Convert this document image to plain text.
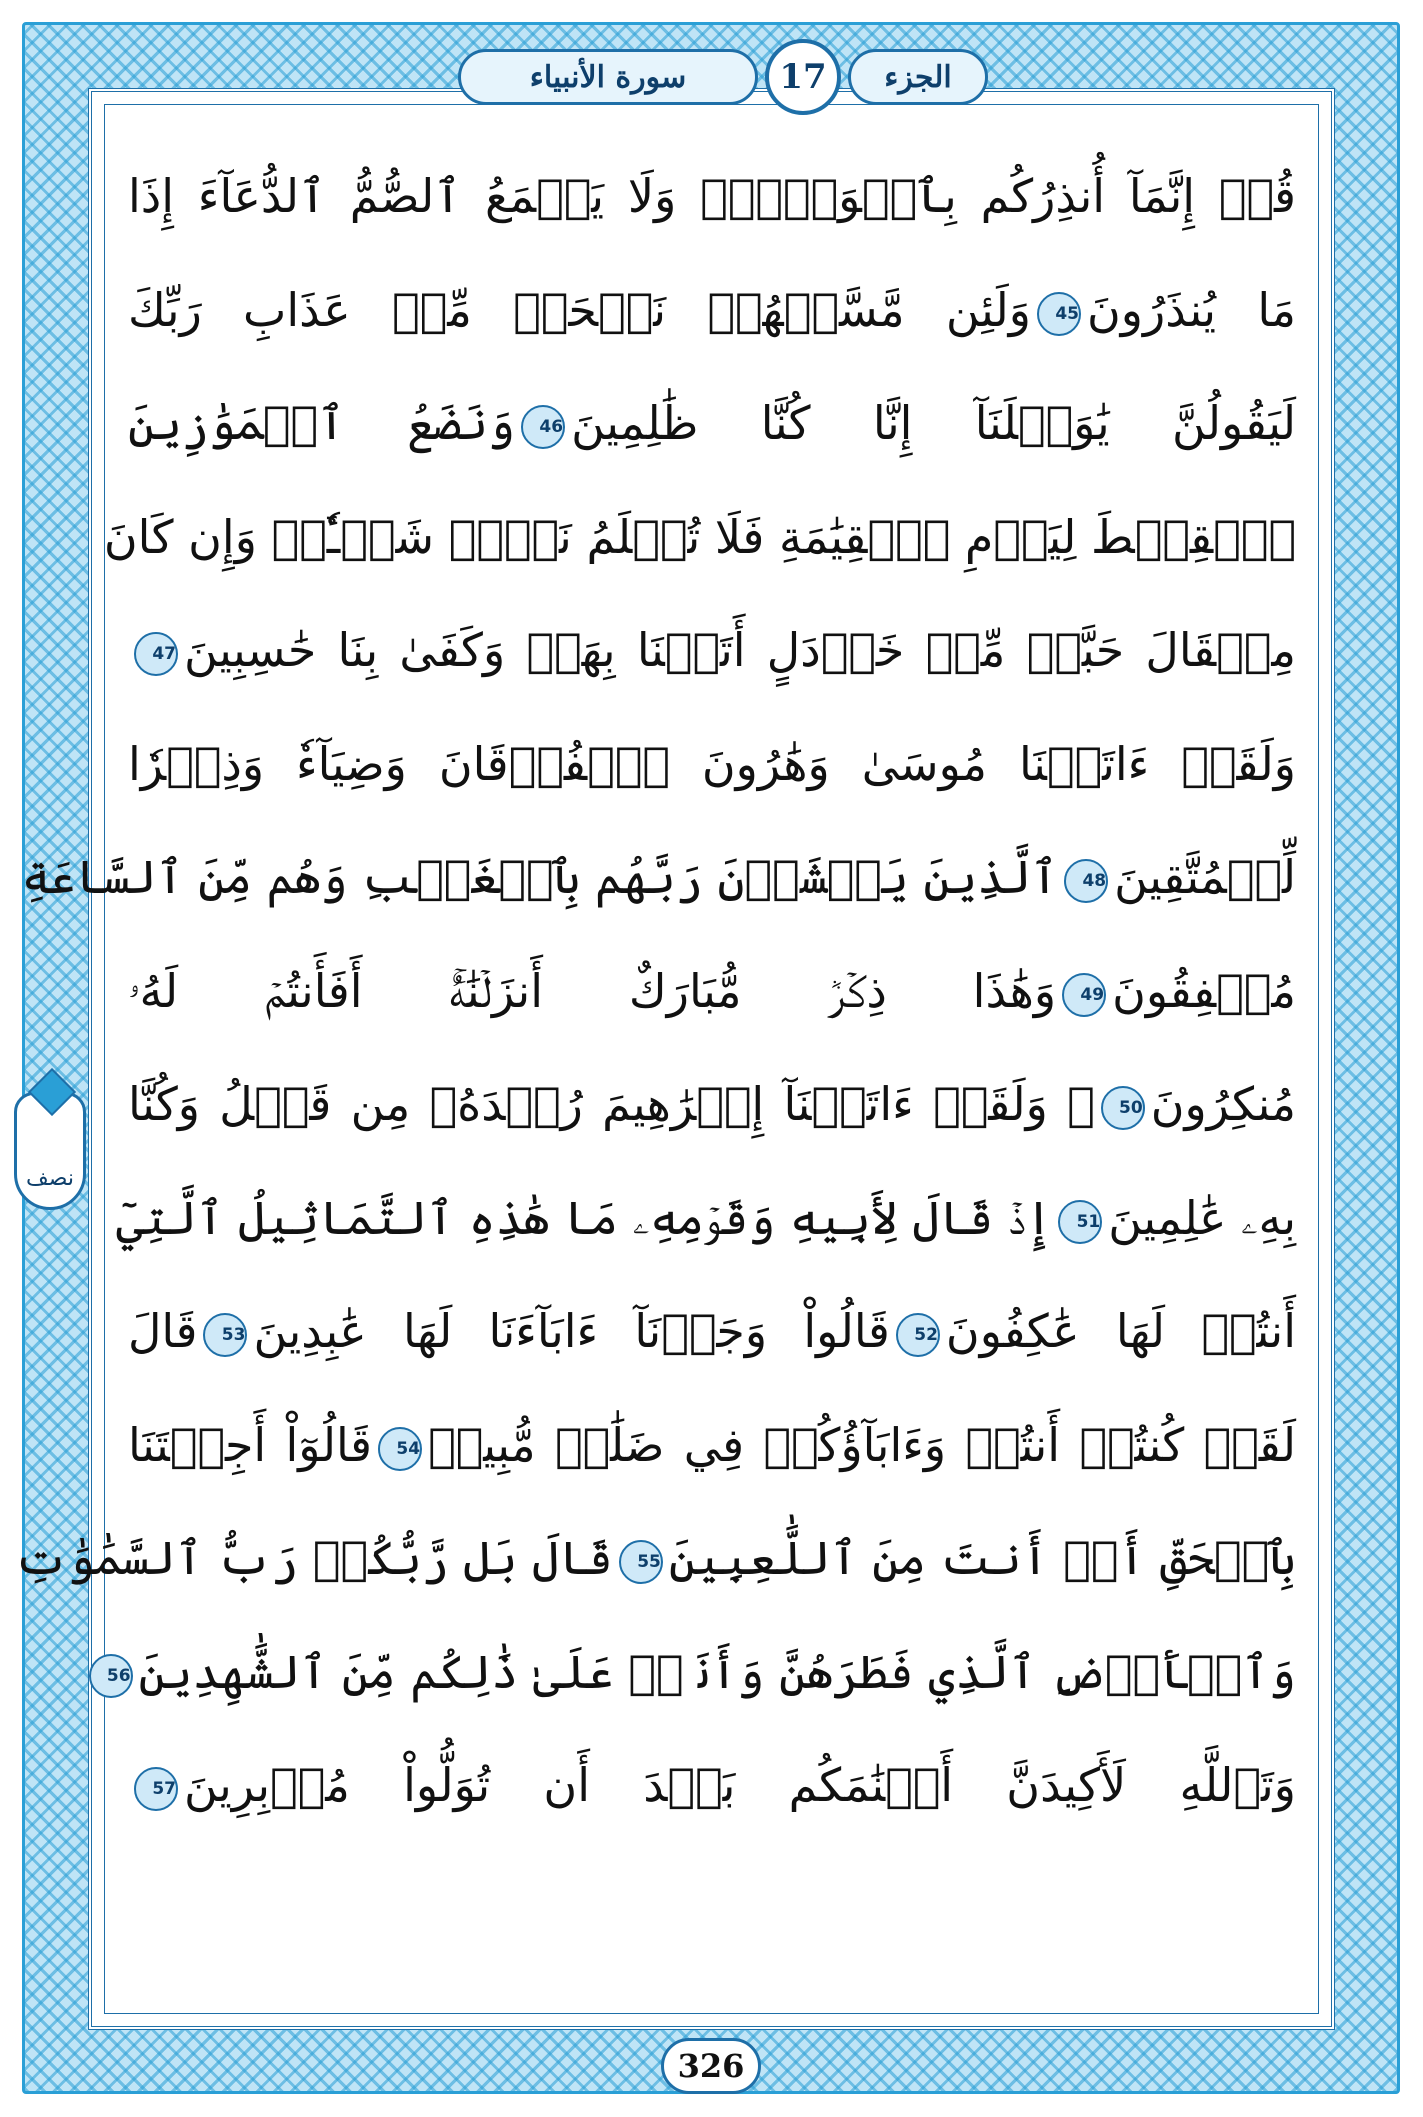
سورة الأنبياء	17	الجزء
قُلۡ إِنَّمَآ أُنذِرُكُم بِٱلۡوَحۡيِۚ وَلَا يَسۡمَعُ ٱلصُّمُّ ٱلدُّعَآءَ إِذَا
مَا يُنذَرُونَ45وَلَئِن مَّسَّتۡهُمۡ نَفۡحَةٞ مِّنۡ عَذَابِ رَبِّكَ
لَيَقُولُنَّ يَٰوَيۡلَنَآ إِنَّا كُنَّا ظَٰلِمِينَ46وَنَضَعُ ٱلۡمَوَٰزِينَ
ٱلۡقِسۡطَ لِيَوۡمِ ٱلۡقِيَٰمَةِ فَلَا تُظۡلَمُ نَفۡسٞ شَيۡـٔٗاۖ وَإِن كَانَ
مِثۡقَالَ حَبَّةٖ مِّنۡ خَرۡدَلٍ أَتَيۡنَا بِهَاۗ وَكَفَىٰ بِنَا حَٰسِبِينَ47
وَلَقَدۡ ءَاتَيۡنَا مُوسَىٰ وَهَٰرُونَ ٱلۡفُرۡقَانَ وَضِيَآءٗ وَذِكۡرٗا
لِّلۡمُتَّقِينَ48ٱلَّذِينَ يَخۡشَوۡنَ رَبَّهُم بِٱلۡغَيۡبِ وَهُم مِّنَ ٱلسَّاعَةِ
مُشۡفِقُونَ49وَهَٰذَا ذِكۡرٞ مُّبَارَكٌ أَنزَلۡنَٰهُۚ أَفَأَنتُمۡ لَهُۥ
مُنكِرُونَ50۞ وَلَقَدۡ ءَاتَيۡنَآ إِبۡرَٰهِيمَ رُشۡدَهُۥ مِن قَبۡلُ وَكُنَّا
بِهِۦ عَٰلِمِينَ51إِذۡ قَالَ لِأَبِيهِ وَقَوۡمِهِۦ مَا هَٰذِهِ ٱلتَّمَاثِيلُ ٱلَّتِيٓ
أَنتُمۡ لَهَا عَٰكِفُونَ52قَالُواْ وَجَدۡنَآ ءَابَآءَنَا لَهَا عَٰبِدِينَ53قَالَ
لَقَدۡ كُنتُمۡ أَنتُمۡ وَءَابَآؤُكُمۡ فِي ضَلَٰلٖ مُّبِينٖ54قَالُوٓاْ أَجِئۡتَنَا
بِٱلۡحَقِّ أَمۡ أَنتَ مِنَ ٱللَّٰعِبِينَ55قَالَ بَل رَّبُّكُمۡ رَبُّ ٱلسَّمَٰوَٰتِ
وَٱلۡأَرۡضِ ٱلَّذِي فَطَرَهُنَّ وَأَنَا۠ عَلَىٰ ذَٰلِكُم مِّنَ ٱلشَّٰهِدِينَ56
وَتَٱللَّهِ لَأَكِيدَنَّ أَصۡنَٰمَكُم بَعۡدَ أَن تُوَلُّواْ مُدۡبِرِينَ57
نصف
326
